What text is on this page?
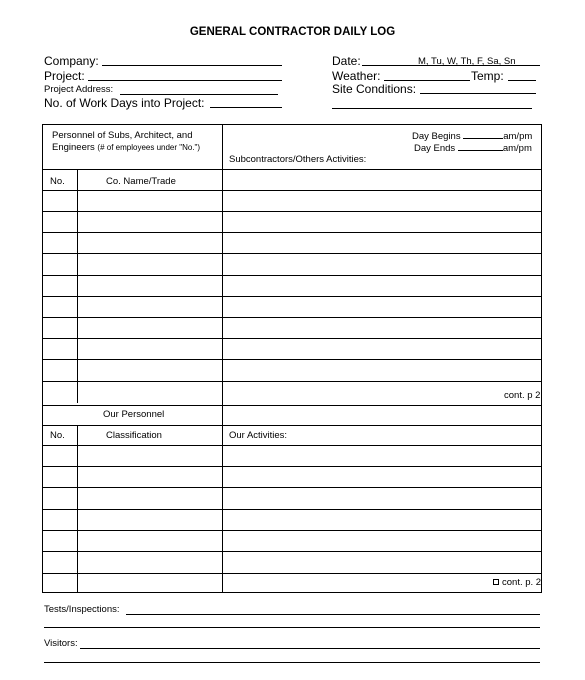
GENERAL CONTRACTOR DAILY LOG
Company:
Project:
Project Address:
No. of Work Days into Project:
Date:	M, Tu, W, Th, F, Sa, Sn
Weather:	Temp:
Site Conditions:
Personnel of Subs, Architect, and
Engineers (# of employees under "No.")
Day Begins	am/pm
Day Ends	am/pm
Subcontractors/Others Activities:
No.	Co. Name/Trade
cont. p 2
Our Personnel
No.	Classification	Our Activities:
cont. p. 2
Tests/Inspections:
Visitors:
